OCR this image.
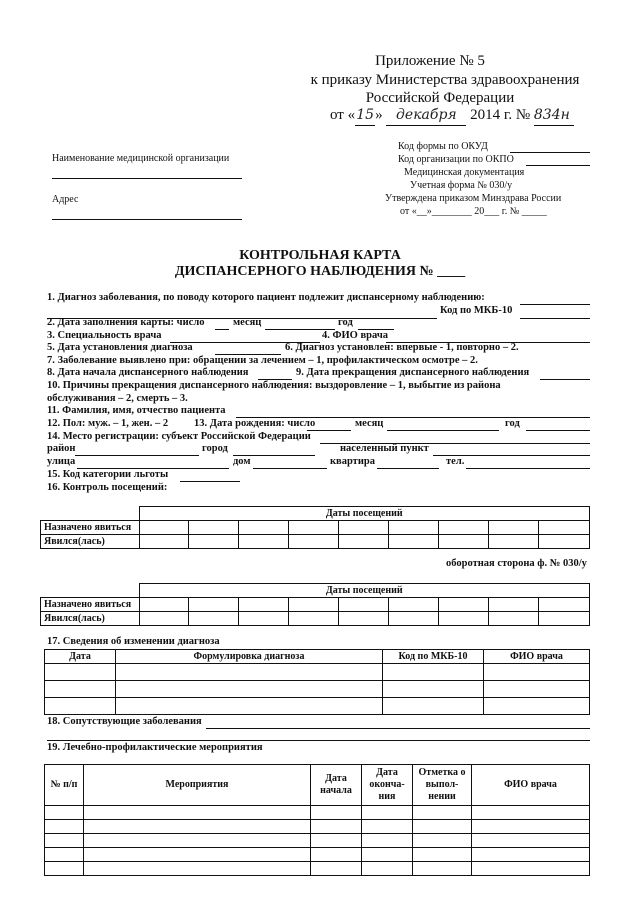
Приложение № 5
к приказу Министерства здравоохранения
Российской Федерации
от «15» декабря 2014 г. № 834н
Наименование медицинской организации
Адрес
Код формы по ОКУД
Код организации по ОКПО
Медицинская документация
Учетная форма № 030/у
Утверждена приказом Минздрава России
от «__»________ 20___ г. № _____
КОНТРОЛЬНАЯ КАРТА
ДИСПАНСЕРНОГО НАБЛЮДЕНИЯ № ____
1. Диагноз заболевания, по поводу которого пациент подлежит диспансерному наблюдению:
Код по МКБ-10
2. Дата заполнения карты: число	месяц	год
3. Специальность врача	4. ФИО врача
5. Дата установления диагноза	6. Диагноз установлен: впервые - 1, повторно – 2.
7. Заболевание выявлено при: обращении за лечением – 1, профилактическом осмотре – 2.
8. Дата начала диспансерного наблюдения	9. Дата прекращения диспансерного наблюдения
10. Причины прекращения диспансерного наблюдения: выздоровление – 1, выбытие из района
обслуживания – 2, смерть – 3.
11. Фамилия, имя, отчество пациента
12. Пол: муж. – 1, жен. – 2 13. Дата рождения: число	месяц	год
14. Место регистрации: субъект Российской Федерации
район	город	населенный пункт
улица	дом	квартира	тел.
15. Код категории льготы
16. Контроль посещений:
	Даты посещений								
Назначено явиться									
Явился(лась)									
оборотная сторона ф. № 030/у
	Даты посещений								
Назначено явиться									
Явился(лась)									
17. Сведения об изменении диагноза
Дата	Формулировка диагноза	Код по МКБ-10	ФИО врача

18. Сопутствующие заболевания
19. Лечебно-профилактические мероприятия
№ п/п	Мероприятия	Дата начала	Дата оконча-ния	Отметка о выпол-нении	ФИО врача
